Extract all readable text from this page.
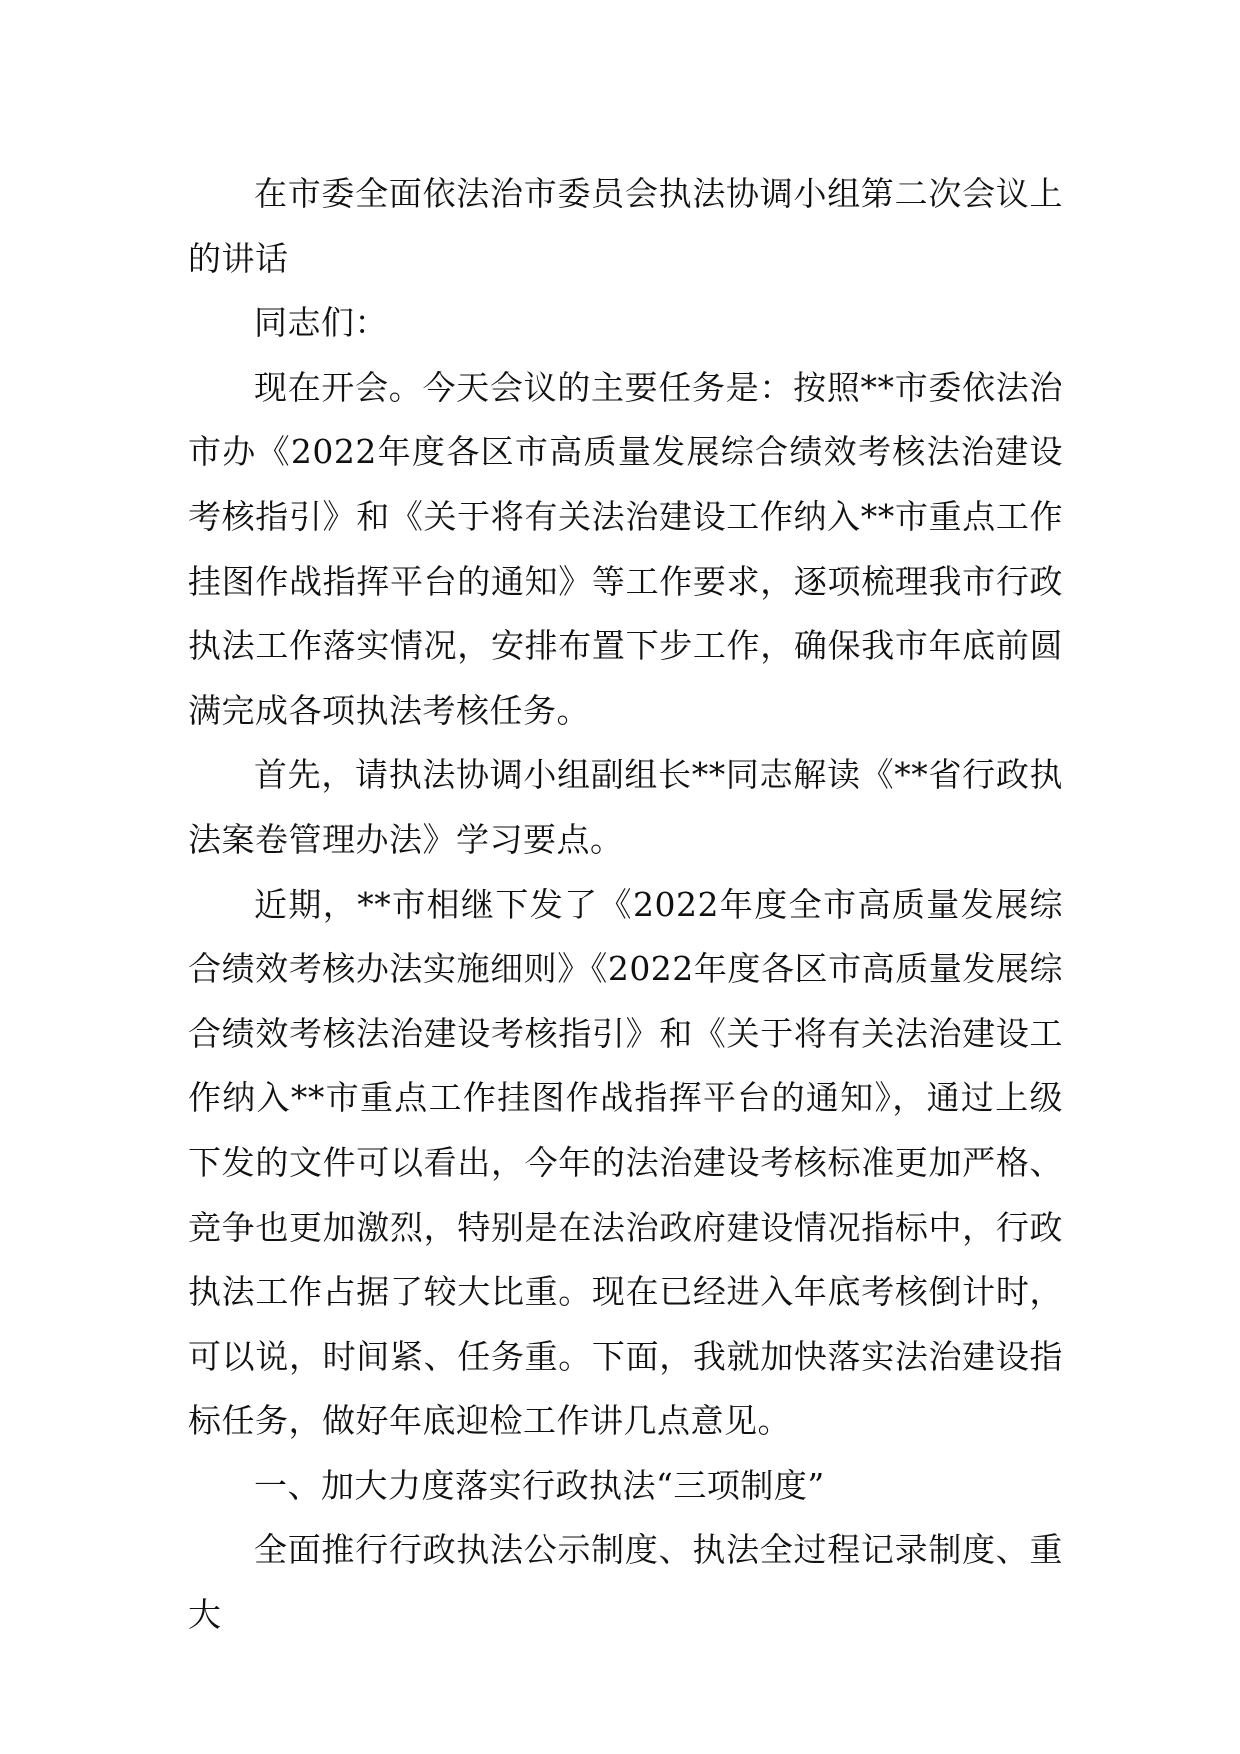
在市委全面依法治市委员会执法协调小组第二次会议上的讲话

同志们：

现在开会。今天会议的主要任务是：按照**市委依法治市办《2022年度各区市高质量发展综合绩效考核法治建设考核指引》和《关于将有关法治建设工作纳入**市重点工作挂图作战指挥平台的通知》等工作要求，逐项梳理我市行政执法工作落实情况，安排布置下步工作，确保我市年底前圆满完成各项执法考核任务。

首先，请执法协调小组副组长**同志解读《**省行政执法案卷管理办法》学习要点。

近期，**市相继下发了《2022年度全市高质量发展综合绩效考核办法实施细则》《2022年度各区市高质量发展综合绩效考核法治建设考核指引》和《关于将有关法治建设工作纳入**市重点工作挂图作战指挥平台的通知》，通过上级下发的文件可以看出，今年的法治建设考核标准更加严格、竞争也更加激烈，特别是在法治政府建设情况指标中，行政执法工作占据了较大比重。现在已经进入年底考核倒计时，可以说，时间紧、任务重。下面，我就加快落实法治建设指标任务，做好年底迎检工作讲几点意见。

一、加大力度落实行政执法“三项制度”

全面推行行政执法公示制度、执法全过程记录制度、重大
